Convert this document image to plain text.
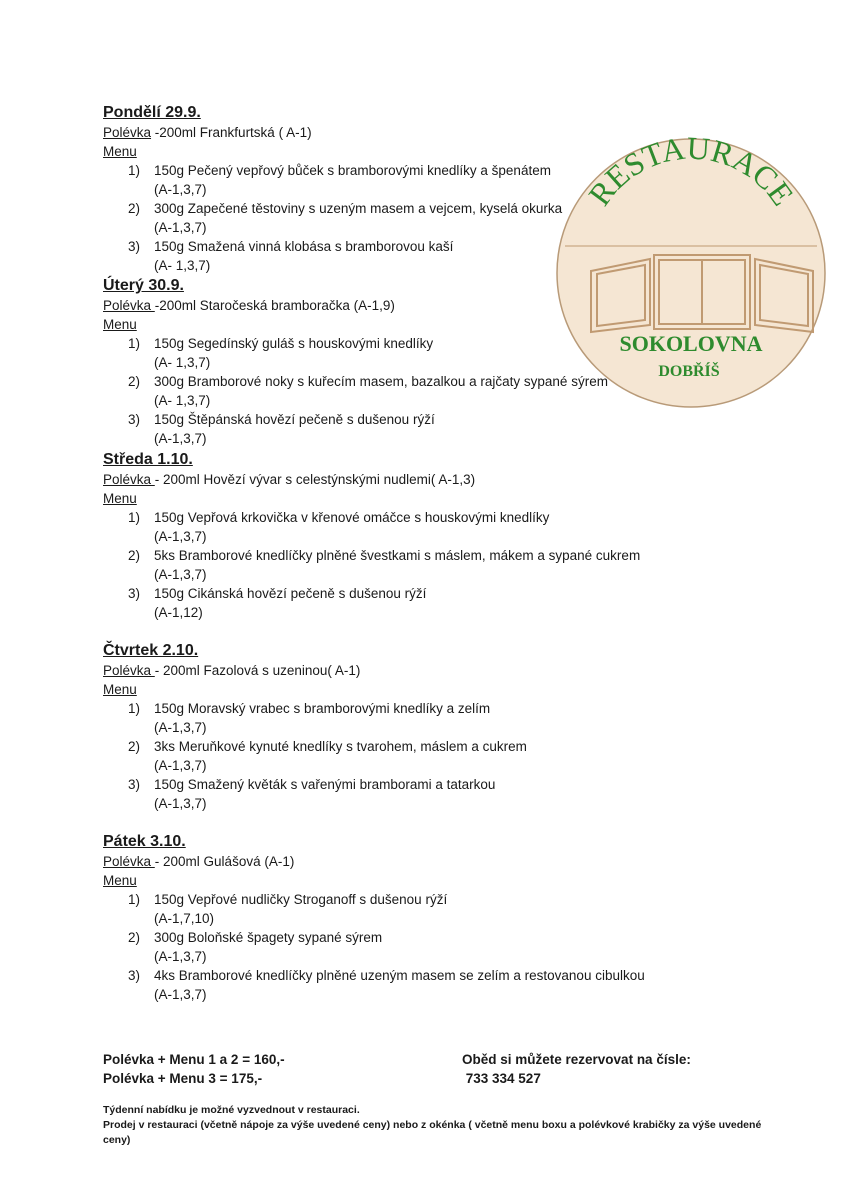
Pondělí 29.9.
Polévka -200ml Frankfurtská ( A-1)
Menu
1) 150g Pečený vepřový bůček s bramborovými knedlíky a špenátem
(A-1,3,7)
2) 300g Zapečené těstoviny s uzeným masem a vejcem, kyselá okurka
(A-1,3,7)
3) 150g Smažená vinná klobása s bramborovou kaší
(A- 1,3,7)
Úterý 30.9.
Polévka -200ml Staročeská bramboračka (A-1,9)
Menu
1) 150g Segedínský guláš s houskovými knedlíky
(A- 1,3,7)
2) 300g Bramborové noky s kuřecím masem, bazalkou a rajčaty sypané sýrem
(A- 1,3,7)
3) 150g Štěpánská hovězí pečeně s dušenou rýží
(A-1,3,7)
Středa 1.10.
Polévka - 200ml Hovězí vývar s celestýnskými nudlemi( A-1,3)
Menu
1) 150g Vepřová krkovička v křenové omáčce s houskovými knedlíky
(A-1,3,7)
2) 5ks Bramborové knedlíčky plněné švestkami s máslem, mákem a sypané cukrem
(A-1,3,7)
3) 150g Cikánská hovězí pečeně s dušenou rýží
(A-1,12)
Čtvrtek 2.10.
Polévka - 200ml Fazolová s uzeninou( A-1)
Menu
1) 150g Moravský vrabec s bramborovými knedlíky a zelím
(A-1,3,7)
2) 3ks Meruňkové kynuté knedlíky s tvarohem, máslem a cukrem
(A-1,3,7)
3) 150g Smažený květák s vařenými bramborami a tatarkou
(A-1,3,7)
Pátek 3.10.
Polévka - 200ml Gulášová (A-1)
Menu
1) 150g Vepřové nudličky Stroganoff s dušenou rýží
(A-1,7,10)
2) 300g Boloňské špagety sypané sýrem
(A-1,3,7)
3) 4ks Bramborové knedlíčky plněné uzeným masem se zelím a restovanou cibulkou
(A-1,3,7)
RESTAURACE
SOKOLOVNA
DOBŘÍŠ
Polévka + Menu 1 a 2 = 160,-
Polévka + Menu 3 = 175,-
Oběd si můžete rezervovat na čísle:
733 334 527
Týdenní nabídku je možné vyzvednout v restauraci.
Prodej v restauraci (včetně nápoje za výše uvedené ceny) nebo z okénka ( včetně menu boxu a polévkové krabičky za výše uvedené ceny)
